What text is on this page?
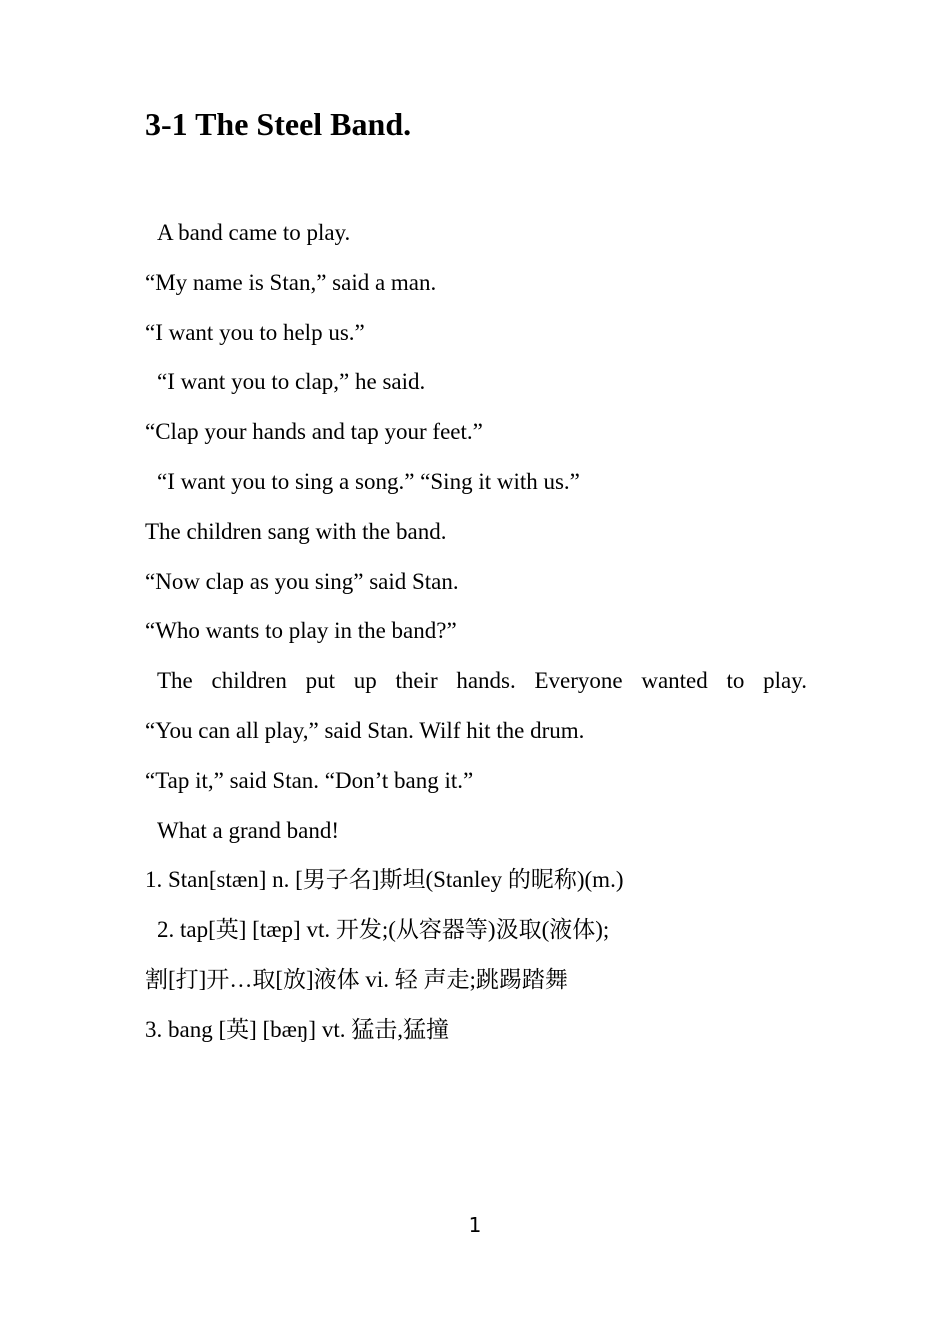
3-1 The Steel Band.
A band came to play.
“My name is Stan,” said a man.
“I want you to help us.”
“I want you to clap,” he said.
“Clap your hands and tap your feet.”
“I want you to sing a song.” “Sing it with us.”
The children sang with the band.
“Now clap as you sing” said Stan.
“Who wants to play in the band?”
The children put up their hands. Everyone wanted to play.
“You can all play,” said Stan. Wilf hit the drum.
“Tap it,” said Stan. “Don’t bang it.”
What a grand band!
1. Stan[stæn] n. [男子名]斯坦(Stanley 的昵称)(m.)
2. tap[英] [tæp] vt. 开发;(从容器等)汲取(液体);
割[打]开…取[放]液体 vi. 轻 声走;跳踢踏舞
3. bang [英] [bæŋ] vt. 猛击,猛撞
1
